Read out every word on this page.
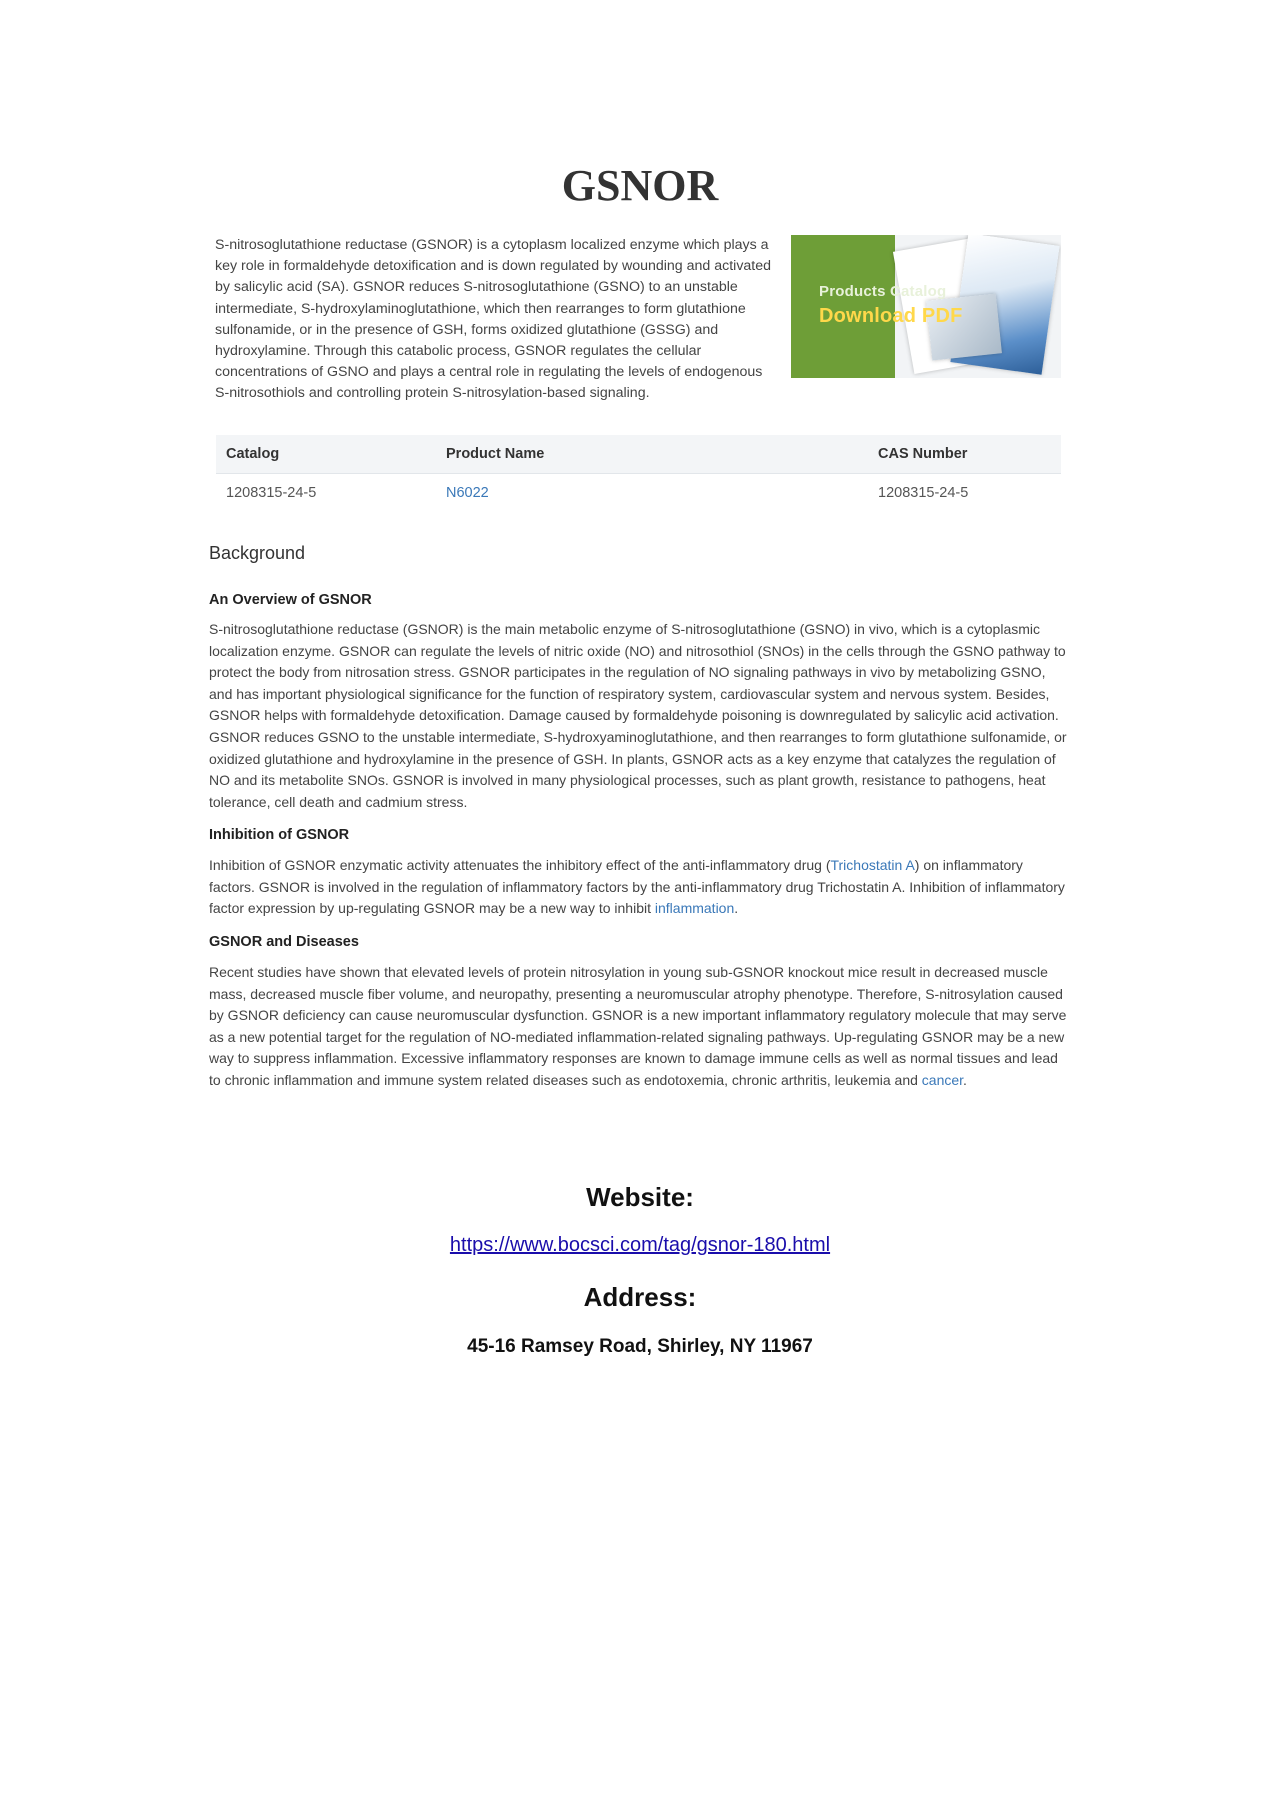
GSNOR
S-nitrosoglutathione reductase (GSNOR) is a cytoplasm localized enzyme which plays a key role in formaldehyde detoxification and is down regulated by wounding and activated by salicylic acid (SA). GSNOR reduces S-nitrosoglutathione (GSNO) to an unstable intermediate, S-hydroxylaminoglutathione, which then rearranges to form glutathione sulfonamide, or in the presence of GSH, forms oxidized glutathione (GSSG) and hydroxylamine. Through this catabolic process, GSNOR regulates the cellular concentrations of GSNO and plays a central role in regulating the levels of endogenous S-nitrosothiols and controlling protein S-nitrosylation-based signaling.
Products Catalog
Download PDF
Catalog	Product Name	CAS Number
1208315-24-5	N6022	1208315-24-5
Background
An Overview of GSNOR
S-nitrosoglutathione reductase (GSNOR) is the main metabolic enzyme of S-nitrosoglutathione (GSNO) in vivo, which is a cytoplasmic localization enzyme. GSNOR can regulate the levels of nitric oxide (NO) and nitrosothiol (SNOs) in the cells through the GSNO pathway to protect the body from nitrosation stress. GSNOR participates in the regulation of NO signaling pathways in vivo by metabolizing GSNO, and has important physiological significance for the function of respiratory system, cardiovascular system and nervous system. Besides, GSNOR helps with formaldehyde detoxification. Damage caused by formaldehyde poisoning is downregulated by salicylic acid activation. GSNOR reduces GSNO to the unstable intermediate, S-hydroxyaminoglutathione, and then rearranges to form glutathione sulfonamide, or oxidized glutathione and hydroxylamine in the presence of GSH. In plants, GSNOR acts as a key enzyme that catalyzes the regulation of NO and its metabolite SNOs. GSNOR is involved in many physiological processes, such as plant growth, resistance to pathogens, heat tolerance, cell death and cadmium stress.
Inhibition of GSNOR
Inhibition of GSNOR enzymatic activity attenuates the inhibitory effect of the anti-inflammatory drug (Trichostatin A) on inflammatory factors. GSNOR is involved in the regulation of inflammatory factors by the anti-inflammatory drug Trichostatin A. Inhibition of inflammatory factor expression by up-regulating GSNOR may be a new way to inhibit inflammation.
GSNOR and Diseases
Recent studies have shown that elevated levels of protein nitrosylation in young sub-GSNOR knockout mice result in decreased muscle mass, decreased muscle fiber volume, and neuropathy, presenting a neuromuscular atrophy phenotype. Therefore, S-nitrosylation caused by GSNOR deficiency can cause neuromuscular dysfunction. GSNOR is a new important inflammatory regulatory molecule that may serve as a new potential target for the regulation of NO-mediated inflammation-related signaling pathways. Up-regulating GSNOR may be a new way to suppress inflammation. Excessive inflammatory responses are known to damage immune cells as well as normal tissues and lead to chronic inflammation and immune system related diseases such as endotoxemia, chronic arthritis, leukemia and cancer.
Website:
https://www.bocsci.com/tag/gsnor-180.html
Address:
45-16 Ramsey Road, Shirley, NY 11967
